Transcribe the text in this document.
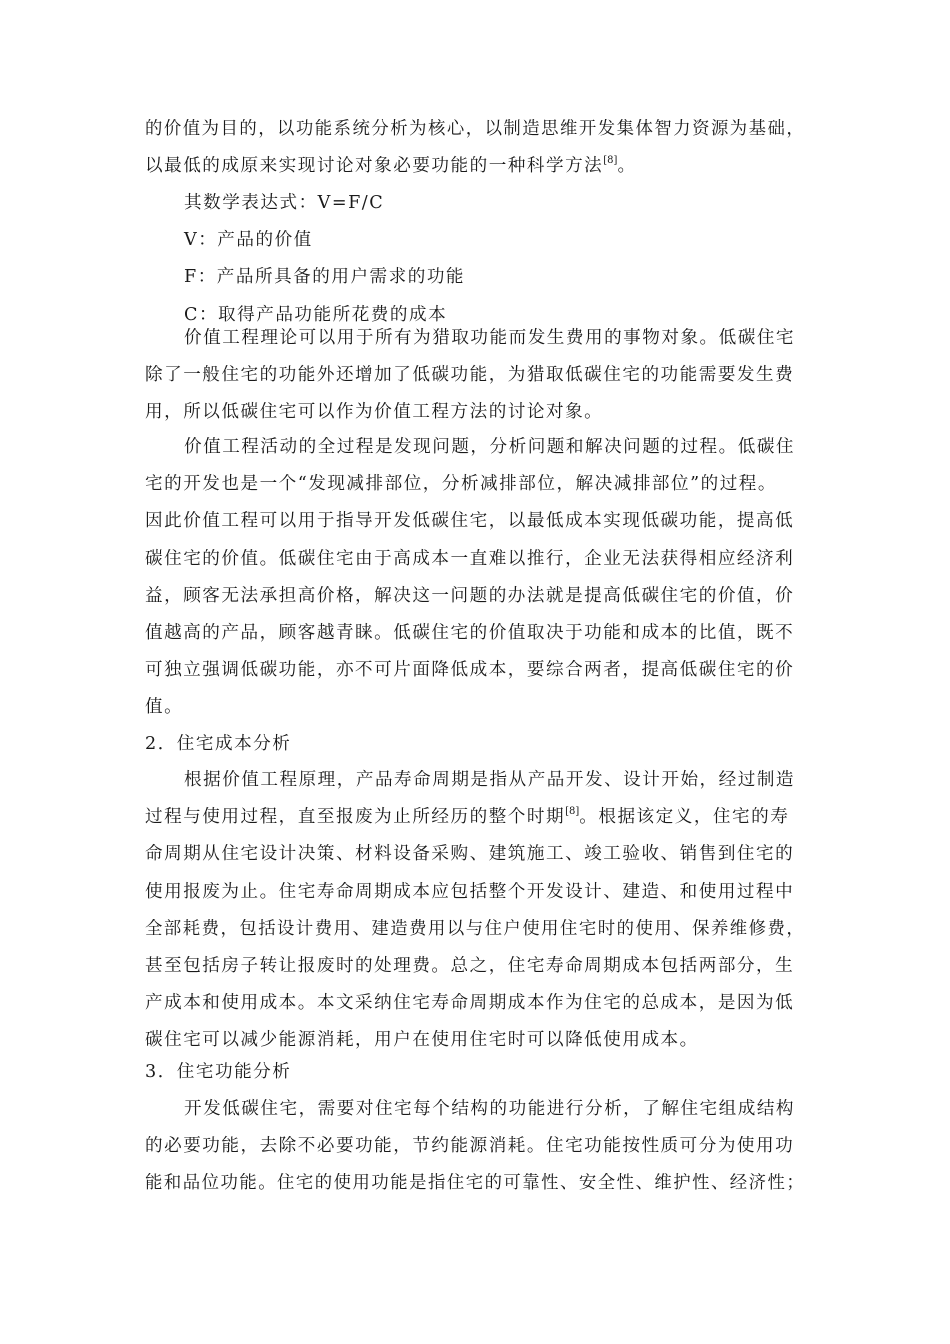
的价值为目的，以功能系统分析为核心，以制造思维开发集体智力资源为基础，
以最低的成原来实现讨论对象必要功能的一种科学方法[8]。
其数学表达式：V=F/C
V：产品的价值
F：产品所具备的用户需求的功能
C：取得产品功能所花费的成本
价值工程理论可以用于所有为猎取功能而发生费用的事物对象。低碳住宅
除了一般住宅的功能外还增加了低碳功能，为猎取低碳住宅的功能需要发生费
用，所以低碳住宅可以作为价值工程方法的讨论对象。
价值工程活动的全过程是发现问题，分析问题和解决问题的过程。低碳住
宅的开发也是一个“发现减排部位，分析减排部位，解决减排部位”的过程。
因此价值工程可以用于指导开发低碳住宅，以最低成本实现低碳功能，提高低
碳住宅的价值。低碳住宅由于高成本一直难以推行，企业无法获得相应经济利
益，顾客无法承担高价格，解决这一问题的办法就是提高低碳住宅的价值，价
值越高的产品，顾客越青睐。低碳住宅的价值取决于功能和成本的比值，既不
可独立强调低碳功能，亦不可片面降低成本，要综合两者，提高低碳住宅的价
值。
2．住宅成本分析
根据价值工程原理，产品寿命周期是指从产品开发、设计开始，经过制造
过程与使用过程，直至报废为止所经历的整个时期[8]。根据该定义，住宅的寿
命周期从住宅设计决策、材料设备采购、建筑施工、竣工验收、销售到住宅的
使用报废为止。住宅寿命周期成本应包括整个开发设计、建造、和使用过程中
全部耗费，包括设计费用、建造费用以与住户使用住宅时的使用、保养维修费，
甚至包括房子转让报废时的处理费。总之，住宅寿命周期成本包括两部分，生
产成本和使用成本。本文采纳住宅寿命周期成本作为住宅的总成本，是因为低
碳住宅可以减少能源消耗，用户在使用住宅时可以降低使用成本。
3．住宅功能分析
开发低碳住宅，需要对住宅每个结构的功能进行分析，了解住宅组成结构
的必要功能，去除不必要功能，节约能源消耗。住宅功能按性质可分为使用功
能和品位功能。住宅的使用功能是指住宅的可靠性、安全性、维护性、经济性；
